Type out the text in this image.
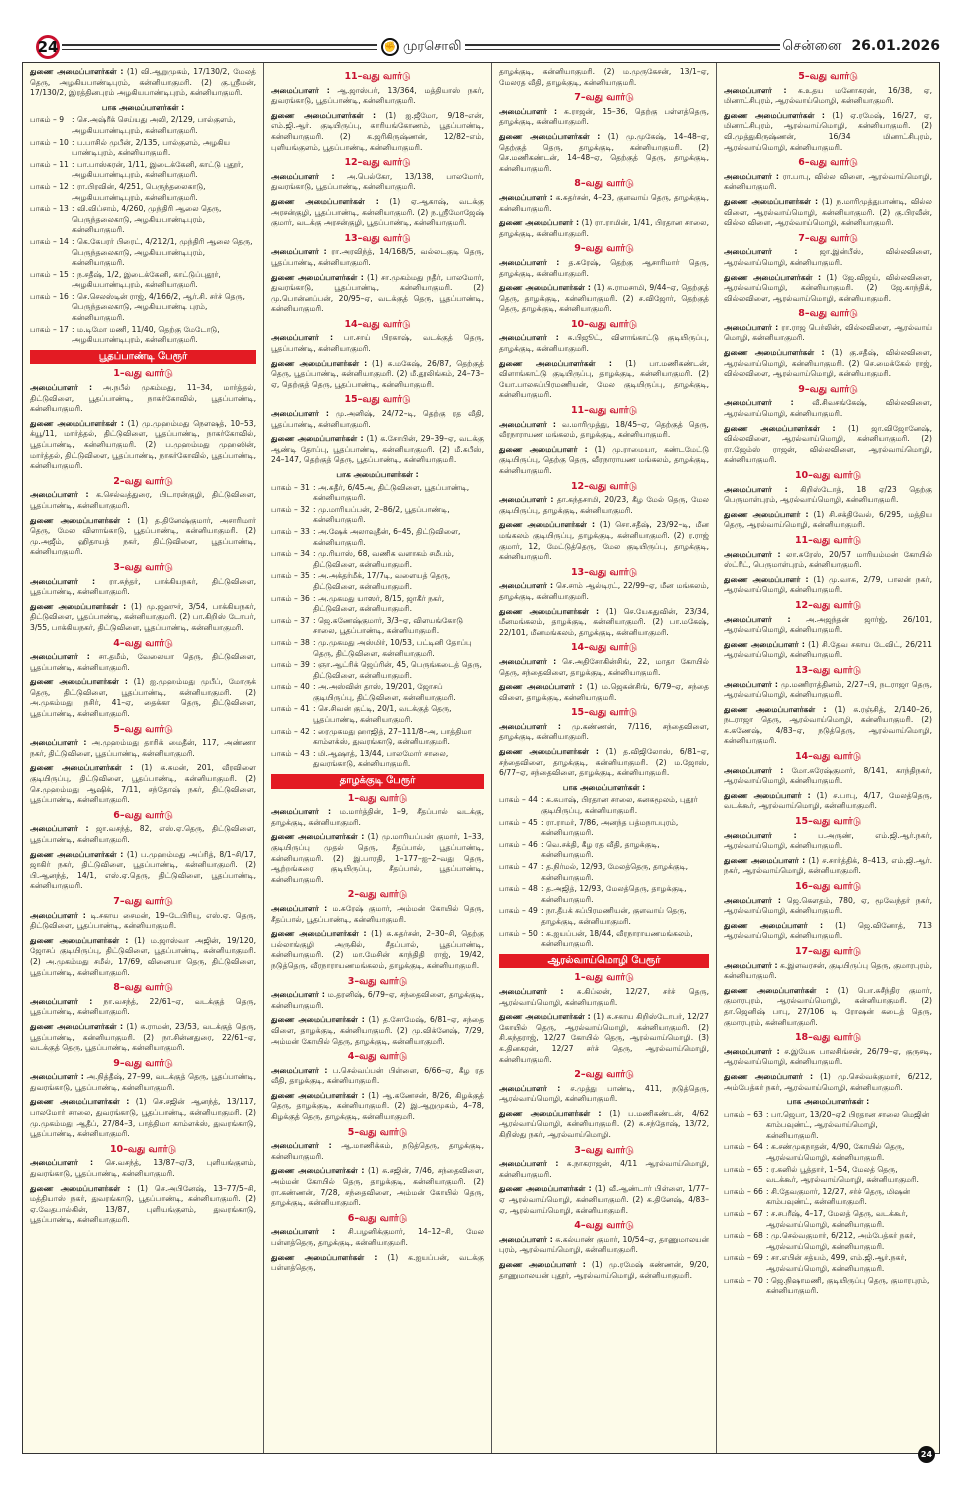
24	✊ முரசொலி	சென்னை 26.01.2026

துணை அமைப்பாளர்கள் : (1) வி.ஆறுமுகம், 17/130/2, மேலத் தெரு, அழகியபாண்டிபுரம், கன்னியாகுமரி. (2) கு.ஸ்ரீமன், 17/130/2, இரத்தினபுரம் அழகியபாண்டிபுரம், கன்னியாகுமரி.

பாக அமைப்பாளர்கள் :
பாகம் – 9	: செ.அஷ்ரீக் செய்யது அலி, 2/129, பால்குளம், அழகியபாண்டிபுரம், கன்னியாகுமரி.
பாகம் – 10 : ப.பாசில் முபீன், 2/135, பால்குளம், அழகிய பாண்டிபுரம், கன்னியாகுமரி.
பாகம் – 11 : பா.பாஸ்கரன், 1/11, இடைக்கேனி, காட்டு புதூர், அழகியபாண்டிபுரம், கன்னியாகுமரி.
பாகம் – 12 : ரா.பிரவின், 4/251, பெருந்தலைகாடு, அழகியபாண்டிபுரம், கன்னியாகுமரி.
பாகம் – 13 : வி.விப்சாம், 4/260, முந்திரி ஆலை தெரு, பெருந்தலைகாடு, அழகியபாண்டிபுரம், கன்னியாகுமரி.
பாகம் – 14 : கெ.கேபரர் பிரைட், 4/212/1, முந்திரி ஆலை தெரு, பெருந்தலைகாடு, அழகியபாண்டிபுரம், கன்னியாகுமரி.
பாகம் – 15 : ந.சதீஷ், 1/2, இடைக்கேனி, காட்டுப்புதூர், அழகியபாண்டிபுரம், கன்னியாகுமரி.
பாகம் – 16 : செ.செலஸ்டின் ராஜ், 4/166/2, ஆர்.சி. சர்ச் தெரு, பெருந்தலைகாடு, அழகியபாண்டி புரம், கன்னியாகுமரி.
பாகம் – 17 : ம.டிமோ மணி, 11/40, தெற்கு மேடோடு, அழகியபாண்டிபுரம், கன்னியாகுமரி.
பூதப்பாண்டி பேரூர்
1–வது வார்டு

அமைப்பாளர் : அ.நபீல் முகம்மது, 11–34, மார்த்தல், திட்டுவிளை, பூதப்பாண்டி, நாகர்கோவில், பூதப்பாண்டி, கன்னியாகுமரி.

துணை அமைப்பாளர்கள் : (1) மு.முஹம்மது நௌஷத், 10–53, க்யூ/11, மார்த்தல், திட்டுவிளை, பூதப்பாண்டி, நாகர்கோவில், பூதப்பாண்டி, கன்னியாகுமரி. (2) ப.முஹம்மது முஹஸின், மார்த்தல், திட்டுவிளை, பூதப்பாண்டி, நாகர்கோவில், பூதப்பாண்டி, கன்னியாகுமரி.

2–வது வார்டு

அமைப்பாளர் : க.செல்வத்துரை, பிடாரன்குழி, திட்டுவிளை, பூதப்பாண்டி, கன்னியாகுமரி.

துணை அமைப்பாளர்கள் : (1) த.தினேஷ்குமார், அசாரிமார் தெரு, மேல விளாங்காடு, பூதப்பாண்டி, கன்னியாகுமரி. (2) மு.அஜீம், ஹிதாயத் நகர், திட்டுவிளை, பூதப்பாண்டி, கன்னியாகுமரி.

3–வது வார்டு

அமைப்பாளர் : ரா.சுந்தர், பாக்கியநகர், திட்டுவிளை, பூதப்பாண்டி, கன்னியாகுமரி.

துணை அமைப்பாளர்கள் : (1) மு.ஜஹுர், 3/54, பாக்கியநகர், திட்டுவிளை, பூதப்பாண்டி, கன்னியாகுமரி. (2) பா.கிறிஸ் டோபர், 3/55, பாக்கியநகர், திட்டுவிளை, பூதப்பாண்டி, கன்னியாகுமரி.

4–வது வார்டு

அமைப்பாளர் : சா.தமீம், வேலையா தெரு, திட்டுவிளை, பூதப்பாண்டி, கன்னியாகுமரி.

துணை அமைப்பாளர்கள் : (1) ஐ.முஹம்மது முபீப், மோருக் தெரு, திட்டுவிளை, பூதப்பாண்டி, கன்னியாகுமரி. (2) அ.முகம்மது நசிர், 41–ஏ, தைக்கா தெரு, திட்டுவிளை, பூதப்பாண்டி, கன்னியாகுமரி.

5–வது வார்டு

அமைப்பாளர் : அ.முஹம்மது தாரிக் மைதீன், 117, அண்ணா நகர், திட்டுவிளை, பூதப்பாண்டி, கன்னியாகுமரி.

துணை அமைப்பாளர்கள் : (1) க.சுமன், 201, வீரவிளை குடியிருப்பு, திட்டுவிளை, பூதப்பாண்டி, கன்னியாகுமரி. (2) செ.முஹம்மது ஆஷிக், 7/11, சந்தோஷ் நகர், திட்டுவிளை, பூதப்பாண்டி, கன்னியாகுமரி.

6–வது வார்டு

அமைப்பாளர் : ஜா.வசந்த், 82, எஸ்.ஏ.தெரு, திட்டுவிளை, பூதப்பாண்டி, கன்னியாகுமரி.

துணை அமைப்பாளர்கள் : (1) ப.முஹம்மது அப்ரித், 8/1–சி/17, ஜாகிர் நகர், திட்டுவிளை, பூதப்பாண்டி, கன்னியாகுமரி. (2) பி.ஆனந்த், 14/1, எஸ்.ஏ.தெரு, திட்டுவிளை, பூதப்பாண்டி, கன்னியாகுமரி.

7–வது வார்டு

அமைப்பாளர் : டி.சகாய சைமன், 19–டேபிரியு, எஸ்.ஏ. தெரு, திட்டுவிளை, பூதப்பாண்டி, கன்னியாகுமரி.

துணை அமைப்பாளர்கள் : (1) ம.ஜாஸ்வா அஜின், 19/120, ஜோசப் குடியிருப்பு, திட்டுவிளை, பூதப்பாண்டி, கன்னியாகுமரி. (2) அ.முகம்மது சமீல், 17/69, வினையா தெரு, திட்டுவிளை, பூதப்பாண்டி, கன்னியாகுமரி.

8–வது வார்டு

அமைப்பாளர் : நா.வசந்த், 22/61–ஏ, வடக்குத் தெரு, பூதப்பாண்டி, கன்னியாகுமரி.

துணை அமைப்பாளர்கள் : (1) சு.ராமன், 23/53, வடக்குத் தெரு, பூதப்பாண்டி, கன்னியாகுமரி. (2) நா.சின்னதுரை, 22/61–ஏ, வடக்குத் தெரு, பூதப்பாண்டி, கன்னியாகுமரி.

9–வது வார்டு

அமைப்பாளர் : அ.நித்தீஷ், 27–99, வடக்குத் தெரு, பூதப்பாண்டி, துவரங்காடு, பூதப்பாண்டி, கன்னியாகுமரி.

துணை அமைப்பாளர்கள் : (1) செ.சஜின் ஆனந்த், 13/117, பாலமோர் சாலை, துவரங்காடு, பூதப்பாண்டி, கன்னியாகுமரி. (2) மு.முகம்மது ஆதீப், 27/84–3, பாத்திமா காம்ளக்ஸ், துவரங்காடு, பூதப்பாண்டி, கன்னியாகுமரி.

10–வது வார்டு

அமைப்பாளர் : செ.வசந்த், 13/87–ஏ/3, புளியங்குளம், துவரங்காடு, பூதப்பாண்டி, கன்னியாகுமரி.

துணை அமைப்பாளர்கள் : (1) செ.அபினேஷ், 13–77/5–சி, மத்தியாஸ் நகர், துவரங்காடு, பூதப்பாண்டி, கன்னியாகுமரி. (2) ஏ.வேதபால்கின், 13/87, புளியங்குளம், துவரங்காடு, பூதப்பாண்டி, கன்னியாகுமரி.

11–வது வார்டு

அமைப்பாளர் : ஆ.ஜாஸ்பர், 13/364, மத்தியாஸ் நகர், துவரங்காடு, பூதப்பாண்டி, கன்னியாகுமரி.

துணை அமைப்பாளர்கள் : (1) ஐ.ஜீமோ, 9/18–என், எம்.ஜி.ஆர். குடியிருப்பு, காரியங்கோணம், பூதப்பாண்டி, கன்னியாகுமரி. (2) க.ஜரிகிருஷ்ணன், 12/82–எம், புளியங்குளம், பூதப்பாண்டி, கன்னியாகுமரி.

12–வது வார்டு

அமைப்பாளர் : அ.பெல்கோ, 13/138, பாலமோர், துவரங்காடு, பூதப்பாண்டி, கன்னியாகுமரி.

துணை அமைப்பாளர்கள் : (1) ஏ.ஆகாஷ், வடக்கு அரசன்குழி, பூதப்பாண்டி, கன்னியாகுமரி. (2) ந.ஸ்ரீமோஜேஷ் குமார், வடக்கு அரசன்குழி, பூதப்பாண்டி, கன்னியாகுமரி.

13–வது வார்டு

அமைப்பாளர் : ரா.அரவிந்த், 14/168/5, வல்லடகுடி தெரு, பூதப்பாண்டி, கன்னியாகுமரி.

துணை அமைப்பாளர்கள் : (1) சா.முகம்மது நதீர், பாலமோர், துவரங்காடு, பூதப்பாண்டி, கன்னியாகுமரி. (2) மு.பொன்னப்பன், 20/95–ஏ, வடக்குத் தெரு, பூதப்பாண்டி, கன்னியாகுமரி.

14–வது வார்டு

அமைப்பாளர் : பா.சாய் பிரகாஷ், வடக்குத் தெரு, பூதப்பாண்டி, கன்னியாகுமரி.

துணை அமைப்பாளர்கள் : (1) சு.மகேஷ், 26/87, தெற்குத் தெரு, பூதப்பாண்டி, கன்னியாகுமரி. (2) மீ.தூலிங்கம், 24–73–ஏ, தெற்குத் தெரு, பூதப்பாண்டி, கன்னியாகுமரி.

15–வது வார்டு

அமைப்பாளர் : மு.அனிஷ், 24/72–டி, தெற்கு ரத வீதி, பூதப்பாண்டி, கன்னியாகுமரி.

துணை அமைப்பாளர்கள் : (1) க.சோபின், 29–39–ஏ, வடக்கு ஆண்டி தோப்பு, பூதப்பாண்டி, கன்னியாகுமரி. (2) மீ.சுபீஸ், 24–147, தெற்குத் தெரு, பூதப்பாண்டி, கன்னியாகுமரி.

பாக அமைப்பாளர்கள் :
பாகம் – 31 : அ.சுதீர், 6/45அ, திட்டுவிளை, பூதப்பாண்டி, கன்னியாகுமரி.
பாகம் – 32 : மு.மாரியப்பன், 2–86/2, பூதப்பாண்டி, கன்னியாகுமரி.
பாகம் – 33 : அ.ஷேக் அலாவுதீன், 6–45, திட்டுவிளை, கன்னியாகுமரி.
பாகம் – 34 : மு.ரியாஸ், 68, வணிக வளாகம் சமீபம், திட்டுவிளை, கன்னியாகுமரி.
பாகம் – 35 : அ.அக்தர்மீக், 17/7டி, வளையத் தெரு, திட்டுவிளை, கன்னியாகுமரி.
பாகம் – 36 : அ.முகமது யாஸர், 8/15, ஜாகீர் நகர், திட்டுவிளை, கன்னியாகுமரி.
பாகம் – 37 : ஜெ.கணேஷ்குமார், 3/3–ஏ, விளயங்கோடு சாலை, பூதப்பாண்டி, கன்னியாகுமரி.
பாகம் – 38 : மு.முகமது அஸ்மிர், 10/53, பட்டினி தோப்பு தெரு, திட்டுவிளை, கன்னியாகுமரி.
பாகம் – 39 : ஞா.ஆட்ரிக் ஜெப்ரின், 45, பெருங்கடைத் தெரு, திட்டுவிளை, கன்னியாகுமரி.
பாகம் – 40 : அ.அஸ்வின் தாஸ், 19/201, ஜோசப் குடியிருப்பு, திட்டுவிளை, கன்னியாகுமரி.
பாகம் – 41 : செ.சிவன் குட்டி, 20/1, வடக்குத் தெரு, பூதப்பாண்டி, கன்னியாகுமரி.
பாகம் – 42 : ரைமுகமது ஹாஜித், 27–111/8–அ, பாத்திமா காம்ளக்ஸ், துவரங்காடு, கன்னியாகுமரி.
பாகம் – 43 : மி.ஆஷாத், 13/44, பாலமோர் சாலை, துவரங்காடு, கன்னியாகுமரி.
தாழக்குடி பேரூர்
1–வது வார்டு

அமைப்பாளர் : ம.மார்த்தின், 1–9, சீதப்பால் வடக்கு, தாழக்குடி, கன்னியாகுமரி.

துணை அமைப்பாளர்கள் : (1) மு.மாரியப்பன் குமார், 1–33, குடியிருப்பு முதல் தெரு, சீதப்பால், பூதப்பாண்டி, கன்னியாகுமரி. (2) இ.பாரதி, 1–177–ஐ–2–வது தெரு, ஆற்றங்கரை குடியிருப்பு, சீதப்பால், பூதப்பாண்டி, கன்னியாகுமரி.

2–வது வார்டு

அமைப்பாளர் : ம.சுரேஷ் குமார், அம்மன் கோயில் தெரு, சீதப்பால், பூதப்பாண்டி, கன்னியாகுமரி.

துணை அமைப்பாளர்கள் : (1) சு.சுதர்சன், 2–30–சி, தெற்கு பல்லாங்குழி அருகில், சீதப்பால், பூதப்பாண்டி, கன்னியாகுமரி. (2) மா.மேசின் காந்திதி ராஜ், 19/42, நடுத்தெரு, வீரநாராயணமங்கலம், தாழக்குடி, கன்னியாகுமரி.

3–வது வார்டு

அமைப்பாளர் : ம.தரனிஷ், 6/79–ஏ, சந்தைவிளை, தாழக்குடி, கன்னியாகுமரி.

துணை அமைப்பாளர்கள் : (1) த.சோமேஷ், 6/81–ஏ, சந்தை விளை, தாழக்குடி, கன்னியாகுமரி. (2) மு.விக்னேஷ், 7/29, அம்மன் கோயில் தெரு, தாழக்குடி, கன்னியாகுமரி.

4–வது வார்டு

அமைப்பாளர் : ப.செல்வப்பன் பிள்ளை, 6/66–ஏ, கீழ ரத வீதி, தாழக்குடி, கன்னியாகுமரி.

துணை அமைப்பாளர்கள் : (1) ஆ.கணேசன், 8/26, கிழக்குத் தெரு, தாழக்குடி, கன்னியாகுமரி. (2) இ.ஆறுமுகம், 4–78, கிழக்குத் தெரு, தாழக்குடி, கன்னியாகுமரி.

5–வது வார்டு

அமைப்பாளர் : ஆ.மாணிக்கம், நடுத்தெரு, தாழக்குடி, கன்னியாகுமரி.

துணை அமைப்பாளர்கள் : (1) சு.சஜின், 7/46, சந்தைவிளை, அம்மன் கோயில் தெரு, தாழக்குடி, கன்னியாகுமரி. (2) ரா.கண்ணன், 7/28, சந்தைவிளை, அம்மன் கோயில் தெரு, தாழக்குடி, கன்னியாகுமரி.

6–வது வார்டு

அமைப்பாளர் : சி.பழனிக்குமார், 14–12–சி, மேல பள்ளத்தெரு, தாழக்குடி, கன்னியாகுமரி.

துணை அமைப்பாளர்கள் : (1) க.ஐயப்பன், வடக்கு பள்ளத்தெரு,

தாழக்குடி, கன்னியாகுமரி. (2) ம.முருகேசன், 13/1–ஏ, மேலரத வீதி, தாழக்குடி, கன்னியாகுமரி.

7–வது வார்டு

அமைப்பாளர் : சு.ராஜன், 15–36, தெற்கு பள்ளத்தெரு, தாழக்குடி, கன்னியாகுமரி.

துணை அமைப்பாளர்கள் : (1) மு.முகேஷ், 14–48–ஏ, தெற்குத் தெரு, தாழக்குடி, கன்னியாகுமரி. (2) செ.மணிகண்டன், 14–48–ஏ, தெற்குத் தெரு, தாழக்குடி, கன்னியாகுமரி.

8–வது வார்டு

அமைப்பாளர் : க.சுதர்சன், 4–23, குளவாய் தெரு, தாழக்குடி, கன்னியாகுமரி.

துணை அமைப்பாளர் : (1) ரா.ராமின், 1/41, பிரதான சாலை, தாழக்குடி, கன்னியாகுமரி.

9–வது வார்டு

அமைப்பாளர் : த.சுரேஷ், தெற்கு ஆசாரிமார் தெரு, தாழக்குடி, கன்னியாகுமரி.

துணை அமைப்பாளர்கள் : (1) சு.ராமசாமி, 9/44–ஏ, தெற்குத் தெரு, தாழக்குடி, கன்னியாகுமரி. (2) ச.விஜோர், தெற்குத் தெரு, தாழக்குடி, கன்னியாகுமரி.

10–வது வார்டு

அமைப்பாளர் : சு.பிஜூட், விளாங்காட்டு குடியிருப்பு, தாழக்குடி, கன்னியாகுமரி.

துணை அமைப்பாளர்கள் : (1) பா.மணிகண்டன், விளாங்காட்டு குடியிருப்பு, தாழக்குடி, கன்னியாகுமரி. (2) யோ.பாலசுப்பிரமணியன், மேல குடியிருப்பு, தாழக்குடி, கன்னியாகுமரி.

11–வது வார்டு

அமைப்பாளர் : வ.மாரிமுத்து, 18/45–ஏ, தெற்குத் தெரு, வீரநாராயண மங்கலம், தாழக்குடி, கன்னியாகுமரி.

துணை அமைப்பாளர் : (1) மு.ராமையா, கண்டமேட்டு குடியிருப்பு, தெற்கு தெரு, வீரநாராயண மங்கலம், தாழக்குடி, கன்னியாகுமரி.

12–வது வார்டு

அமைப்பாளர் : தா.கந்தசாமி, 20/23, கீழ மேல் தெரு, மேல குடியிருப்பு, தாழக்குடி, கன்னியாகுமரி.

துணை அமைப்பாளர்கள் : (1) சொ.சதீஷ், 23/92–டி, மீன மங்கலம் குடியிருப்பு, தாழக்குடி, கன்னியாகுமரி. (2) ர.ராஜ் குமார், 12, மேட்டுத்தெரு, மேல குடியிருப்பு, தாழக்குடி, கன்னியாகுமரி.

13–வது வார்டு

அமைப்பாளர் : செ.சாம் ஆல்டிரட், 22/99–ஏ, மீன மங்கலம், தாழக்குடி, கன்னியாகுமரி.

துணை அமைப்பாளர்கள் : (1) செ.யேசுதுவின், 23/34, மீனமங்கலம், தாழக்குடி, கன்னியாகுமரி. (2) பா.மகேஷ், 22/101, மீனமங்கலம், தாழக்குடி, கன்னியாகுமரி.

14–வது வார்டு

அமைப்பாளர் : செ.அதிசோகின்சிங், 22, மாதா கோயில் தெரு, சந்தைவிளை, தாழக்குடி, கன்னியாகுமரி.

துணை அமைப்பாளர் : (1) ம.ஜெகன்சிங், 6/79–ஏ, சந்தை விளை, தாழக்குடி, கன்னியாகுமரி.

15–வது வார்டு

அமைப்பாளர் : மு.கண்ணன், 7/116, சந்தைவிளை, தாழக்குடி, கன்னியாகுமரி.

துணை அமைப்பாளர்கள் : (1) த.விஜிலோஸ், 6/81–ஏ, சந்தைவிளை, தாழக்குடி, கன்னியாகுமரி. (2) ம.ஜோஸ், 6/77–ஏ, சந்தைவிளை, தாழக்குடி, கன்னியாகுமரி.

பாக அமைப்பாளர்கள் :
பாகம் – 44 : சு.சுபாஷ், பிரதான சாலை, கனகமூலம், புதூர் குடியிருப்பு, கன்னியாகுமரி.
பாகம் – 45 : ரா.ராமர், 7/86, அனந்த பத்மநாபபுரம், கன்னியாகுமரி.
பாகம் – 46 : வெ.சக்தி, கீழ ரத வீதி, தாழக்குடி, கன்னியாகுமரி.
பாகம் – 47 : த.நிர்மல், 12/93, மேலத்தெரு, தாழக்குடி, கன்னியாகுமரி.
பாகம் – 48 : த.அஜித், 12/93, மேலத்தெரு, தாழக்குடி, கன்னியாகுமரி.
பாகம் – 49 : நா.தீபக் சுப்பிரமணியன், குளவாய் தெரு, தாழக்குடி, கன்னியாகுமரி.
பாகம் – 50 : சு.ஐயப்பன், 18/44, வீரநாராயணமங்கலம், கன்னியாகுமரி.
ஆரல்வாய்மொழி பேரூர்
1–வது வார்டு

அமைப்பாளர் : சு.கிப்லன், 12/27, சர்ச் தெரு, ஆரல்வாய்மொழி, கன்னியாகுமரி.

துணை அமைப்பாளர்கள் : (1) சு.சகாய கிறிஸ்டோபர், 12/27 கோயில் தெரு, ஆரல்வாய்மொழி, கன்னியாகுமரி. (2) சி.கந்தராஜ், 12/27 கோயில் தெரு, ஆரல்வாய்மொழி. (3) சு.தினகரன், 12/27 சர்ச் தெரு, ஆரல்வாய்மொழி, கன்னியாகுமரி.

2–வது வார்டு

அமைப்பாளர் : ச.முத்து பாண்டி, 411, நடுத்தெரு, ஆரல்வாய்மொழி, கன்னியாகுமரி.

துணை அமைப்பாளர்கள் : (1) ப.மணிகண்டன், 4/62 ஆரல்வாய்மொழி, கன்னியாகுமரி. (2) சு.சந்தோஷ், 13/72, கிறிஸ்து நகர், ஆரல்வாய்மொழி.

3–வது வார்டு

அமைப்பாளர் : சு.நாகராஜன், 4/11 ஆரல்வாய்மொழி, கன்னியாகுமரி.

துணை அமைப்பாளர்கள் : (1) வீ.ஆண்டார் பிள்ளை, 1/77–ஏ ஆரல்வாய்மொழி, கன்னியாகுமரி. (2) சு.தினேஷ், 4/83–ஏ, ஆரல்வாய்மொழி, கன்னியாகுமரி.

4–வது வார்டு

அமைப்பாளர் : சு.கல்யாண் குமார், 10/54–ஏ, தாணுமாலயன் புரம், ஆரல்வாய்மொழி, கன்னியாகுமரி.

துணை அமைப்பாளர் : (1) மு.ரமேஷ் கண்ணன், 9/20, தாணுமாலயன் புதூர், ஆரல்வாய்மொழி, கன்னியாகுமரி.

5–வது வார்டு

அமைப்பாளர் : சு.உதய மனோகரன், 16/38, ஏ, மினாட்சிபுரம், ஆரல்வாய்மொழி, கன்னியாகுமரி.

துணை அமைப்பாளர்கள் : (1) ஏ.ரமேஷ், 16/27, ஏ, மினாட்சிபுரம், ஆரல்வாய்மொழி, கன்னியாகுமரி. (2) வி.முத்துகிருஷ்ணன், 16/34 மினாட்சிபுரம், ஆரல்வாய்மொழி, கன்னியாகுமரி.

6–வது வார்டு

அமைப்பாளர் : ரா.பாபு, வில்ல விளை, ஆரல்வாய்மொழி, கன்னியாகுமரி.

துணை அமைப்பாளர்கள் : (1) ந.மாரிமுத்துபாண்டி, வில்ல விளை, ஆரல்வாய்மொழி, கன்னியாகுமரி. (2) கு.பிரவீன், வில்ல விளை, ஆரல்வாய்மொழி, கன்னியாகுமரி.

7–வது வார்டு

அமைப்பாளர் :	ஜா.இன்பீஸ், வில்லவிளை, ஆரல்வாய்மொழி, கன்னியாகுமரி.

துணை அமைப்பாளர்கள் : (1) ஜே.விஜய், வில்லவிளை, ஆரல்வாய்மொழி, கன்னியாகுமரி. (2) ஜே.காந்திக், வில்லவிளை, ஆரல்வாய்மொழி, கன்னியாகுமரி.

8–வது வார்டு

அமைப்பாளர் : ரா.ராஜ பெர்லின், வில்லவிளை, ஆரல்வாய் மொழி, கன்னியாகுமரி.

துணை அமைப்பாளர்கள் : (1) கு.சதீஷ், வில்லவிளை, ஆரல்வாய்மொழி, கன்னியாகுமரி. (2) செ.மைக்கேல் ராஜ், வில்லவிளை, ஆரல்வாய்மொழி, கன்னியாகுமரி.

9–வது வார்டு

அமைப்பாளர் : வீ.சிவசங்கேஷ், வில்லவிளை, ஆரல்வாய்மொழி, கன்னியாகுமரி.

துணை அமைப்பாளர்கள் : (1) ஜா.விஜோனேஷ், வில்லவிளை, ஆரல்வாய்மொழி, கன்னியாகுமரி. (2) ரா.ஜேம்ஸ் ராஜன், வில்லவிளை, ஆரல்வாய்மொழி, கன்னியாகுமரி.

10–வது வார்டு

அமைப்பாளர் : கிறிஸ்டோத், 18 ஏ/23 தெற்கு பெருமாள்புரம், ஆரல்வாய்மொழி, கன்னியாகுமரி.

துணை அமைப்பாளர் : (1) சி.சக்திவேல், 6/295, மத்திய தெரு, ஆரல்வாய்மொழி, கன்னியாகுமரி.

11–வது வார்டு

அமைப்பாளர் : லா.சுரேஸ், 20/57 மாரியம்மன் கோயில் ஸ்ட்ரீட், பெருமாள்புரம், கன்னியாகுமரி.

துணை அமைப்பாளர் : (1) மு.வாசு, 2/79, பாலன் நகர், ஆரல்வாய்மொழி, கன்னியாகுமரி.

12–வது வார்டு

அமைப்பாளர் : அ.அஜந்தன் ஜார்ஜ், 26/101, ஆரல்வாய்மொழி, கன்னியாகுமரி.

துணை அமைப்பாளர் : (1) சி.தேவ சகாய டேவிட், 26/211 ஆரல்வாய்மொழி, கன்னியாகுமரி.

13–வது வார்டு

அமைப்பாளர் : மு.மணிராத்தினம், 2/27–பி, நடராஜா தெரு, ஆரல்வாய்மொழி, கன்னியாகுமரி.

துணை அமைப்பாளர்கள் : (1) சு.ரஞ்சித், 2/140–26, நடராஜா தெரு, ஆரல்வாய்மொழி, கன்னியாகுமரி. (2) சு.கணேஷ், 4/83–ஏ, நடுத்தெரு, ஆரல்வாய்மொழி, கன்னியாகுமரி.

14–வது வார்டு

அமைப்பாளர் : மோ.சுரேஷ்குமார், 8/141, காந்திநகர், ஆரல்வாய்மொழி, கன்னியாகுமரி.

துணை அமைப்பாளர் : (1) ச.பாபு, 4/17, மேலத்தெரு, வடக்கூர், ஆரல்வாய்மொழி, கன்னியாகுமரி.

15–வது வார்டு

அமைப்பாளர் :	ப.அருண், எம்.ஜி.ஆர்.நகர், ஆரல்வாய்மொழி, கன்னியாகுமரி.

துணை அமைப்பாளர் : (1) ச.சார்த்திக், 8–413, எம்.ஜி.ஆர். நகர், ஆரல்வாய்மொழி, கன்னியாகுமரி.

16–வது வார்டு

அமைப்பாளர் : ஜெ.கௌதம், 780, ஏ, மூவேந்தர் நகர், ஆரல்வாய்மொழி, கன்னியாகுமரி.

துணை அமைப்பாளர் : (1) ஜெ.வினோத், 713 ஆரல்வாய்மொழி, கன்னியாகுமரி.

17–வது வார்டு

அமைப்பாளர் : சு.இளவரசன், குடியிருப்பு தெரு, குமாரபுரம், கன்னியாகுமரி.

துணை அமைப்பாளர்கள் : (1) பொ.சுசீந்திர குமார், குமாரபுரம், ஆரல்வாய்மொழி, கன்னியாகுமரி. (2) தா.ஜெனிஷ் பாபு, 27/106 டி ரோஷன் கடைத் தெரு, குமாரபுரம், கன்னியாகுமரி.

18–வது வார்டு

அமைப்பாளர் : ச.இயேசு பாலசிங்சன், 26/79–ஏ, குருசடி, ஆரல்வாய்மொழி, கன்னியாகுமரி.

துணை அமைப்பாளர் : (1) மு.செல்வக்குமார், 6/212, அம்பேத்கர் நகர், ஆரல்வாய்மொழி, கன்னியாகுமரி.

பாக அமைப்பாளர்கள் :
பாகம் – 63 : பா.ஜெபா, 13/20–ஏ2 பிரதான சாலை மெஜின் காம்பவுண்ட், ஆரல்வாய்மொழி, கன்னியாகுமரி.
பாகம் – 64 : சு.சண்முகநாதன், 4/90, கோயில் தெரு, ஆரல்வாய்மொழி, கன்னியாகுமரி.
பாகம் – 65 : ர.கனில் பூத்தார், 1–54, மேலத் தெரு, வடக்கூர், ஆரல்வாய்மொழி, கன்னியாகுமரி.
பாகம் – 66 : சி.தேவகுமார், 12/27, சர்ச் தெரு, மிஷன் காம்பவுண்ட், கன்னியாகுமரி.
பாகம் – 67 : ச.சபரீஷ், 4–17, மேலத் தெரு, வடக்கூர், ஆரல்வாய்மொழி, கன்னியாகுமரி.
பாகம் – 68 : மு.செல்வகுமார், 6/212, அம்பேத்கர் நகர், ஆரல்வாய்மொழி, கன்னியாகுமரி.
பாகம் – 69 : சா.எபின் சத்யம், 499, எம்.ஜி.ஆர்.நகர், ஆரல்வாய்மொழி, கன்னியாகுமரி.
பாகம் – 70 : ஜெ.நிஷாமணி, குடியிருப்பு தெரு, குமாரபுரம், கன்னியாகுமரி.
24
